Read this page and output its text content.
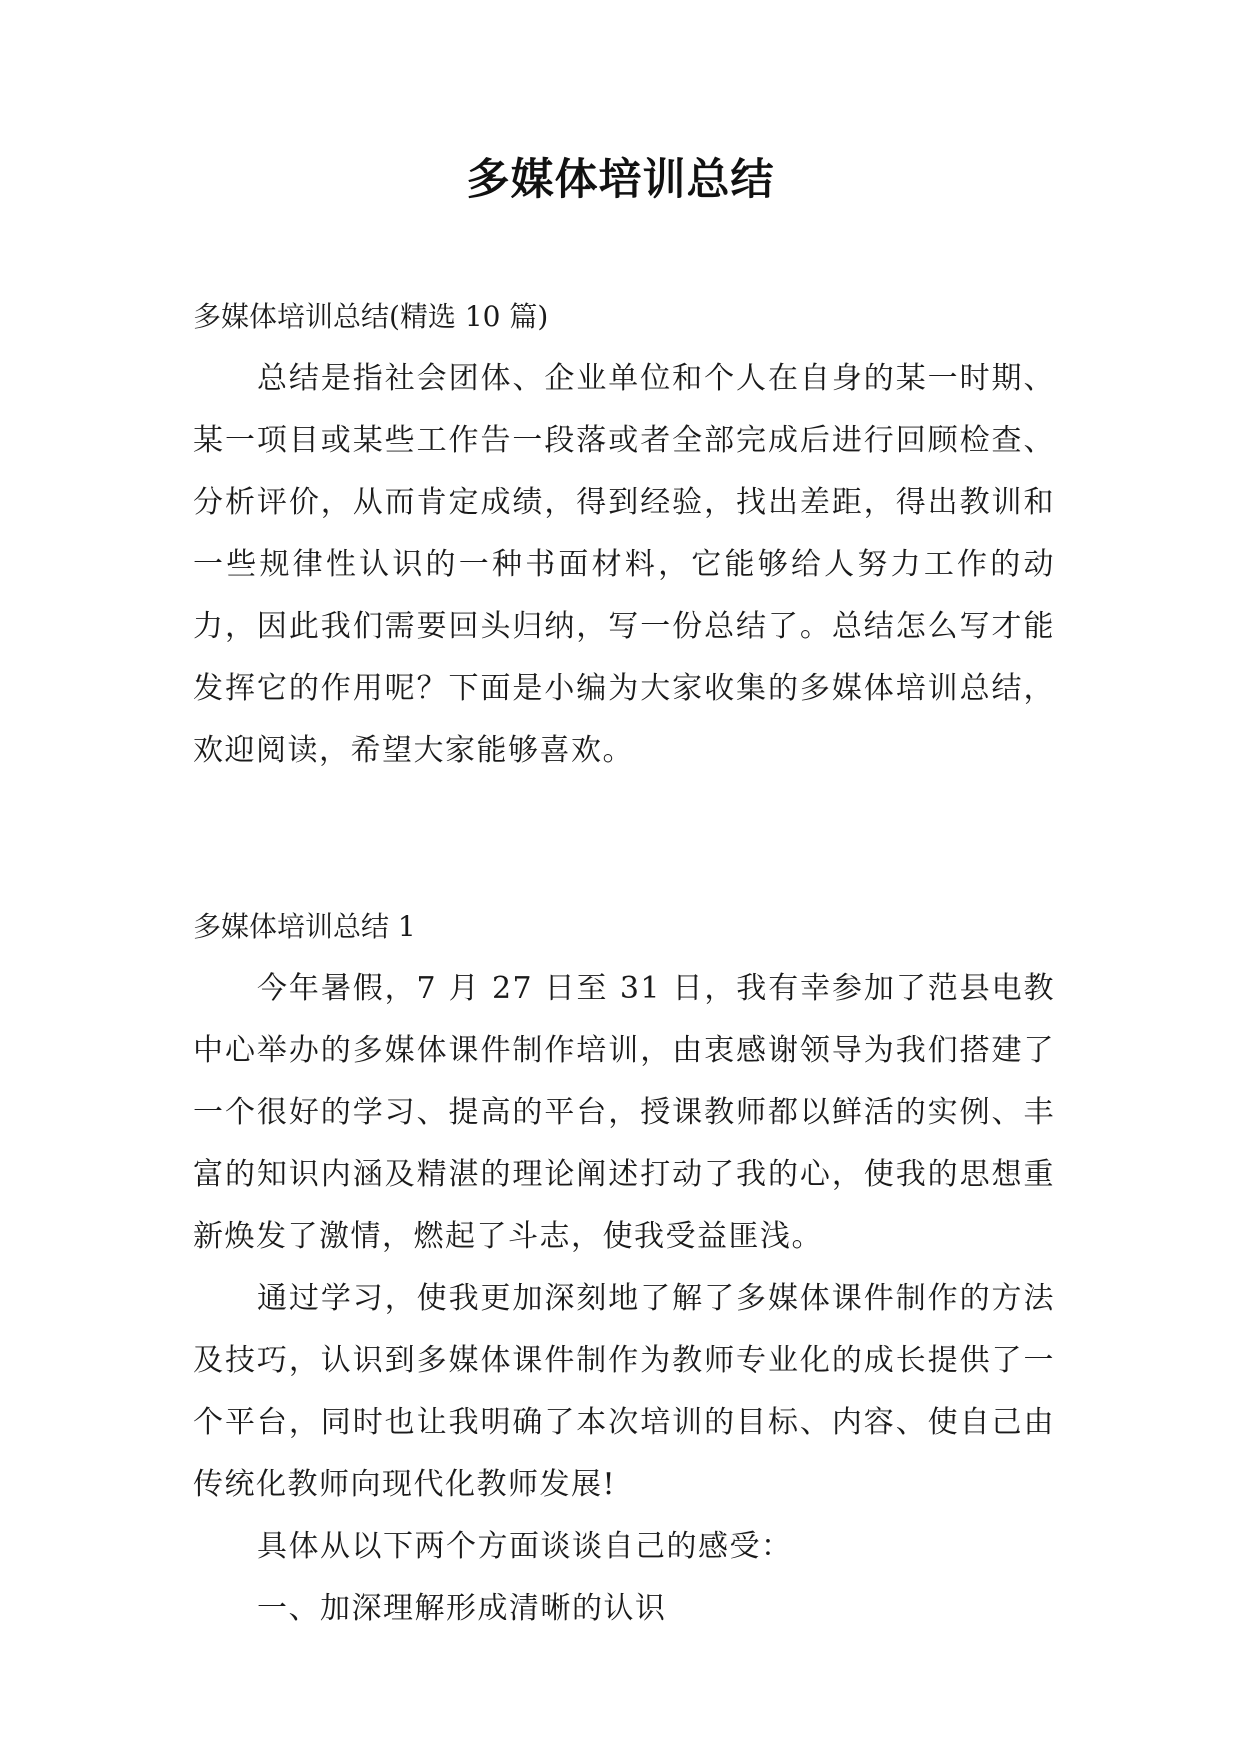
多媒体培训总结

多媒体培训总结(精选 10 篇)

总结是指社会团体、企业单位和个人在自身的某一时期、某一项目或某些工作告一段落或者全部完成后进行回顾检查、分析评价，从而肯定成绩，得到经验，找出差距，得出教训和一些规律性认识的一种书面材料，它能够给人努力工作的动力，因此我们需要回头归纳，写一份总结了。总结怎么写才能发挥它的作用呢？下面是小编为大家收集的多媒体培训总结，欢迎阅读，希望大家能够喜欢。

多媒体培训总结 1

今年暑假，7 月 27 日至 31 日，我有幸参加了范县电教中心举办的多媒体课件制作培训，由衷感谢领导为我们搭建了一个很好的学习、提高的平台，授课教师都以鲜活的实例、丰富的知识内涵及精湛的理论阐述打动了我的心，使我的思想重新焕发了激情，燃起了斗志，使我受益匪浅。

通过学习，使我更加深刻地了解了多媒体课件制作的方法及技巧，认识到多媒体课件制作为教师专业化的成长提供了一个平台，同时也让我明确了本次培训的目标、内容、使自己由传统化教师向现代化教师发展!

具体从以下两个方面谈谈自己的感受：

一、加深理解形成清晰的认识
